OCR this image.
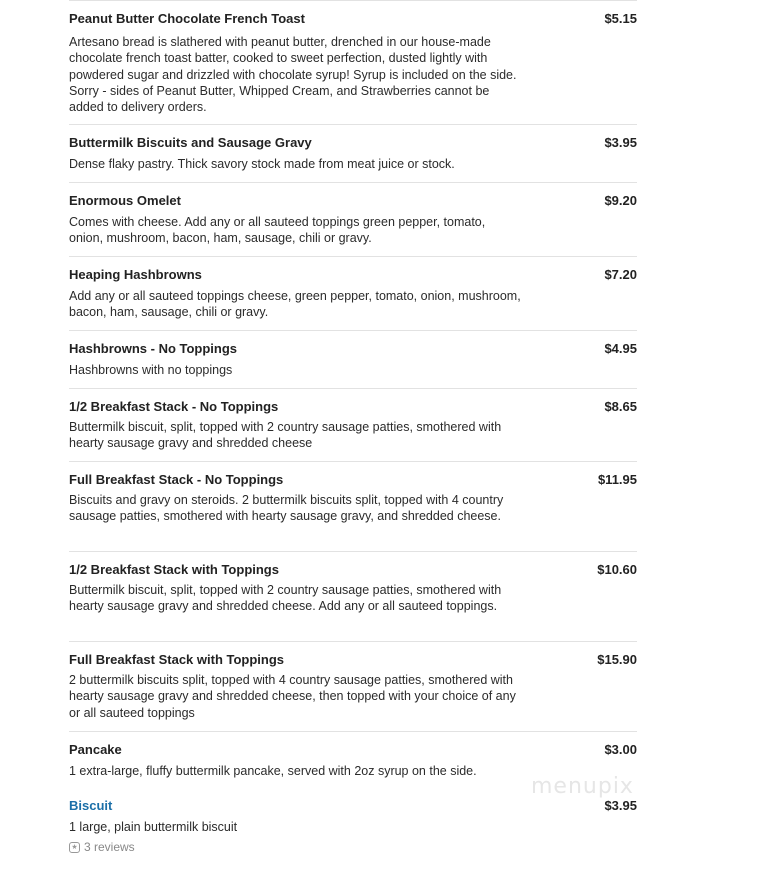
Peanut Butter Chocolate French Toast	$5.15
Artesano bread is slathered with peanut butter, drenched in our house-made chocolate french toast batter, cooked to sweet perfection, dusted lightly with powdered sugar and drizzled with chocolate syrup! Syrup is included on the side. Sorry - sides of Peanut Butter, Whipped Cream, and Strawberries cannot be added to delivery orders.
Buttermilk Biscuits and Sausage Gravy	$3.95
Dense flaky pastry. Thick savory stock made from meat juice or stock.
Enormous Omelet	$9.20
Comes with cheese. Add any or all sauteed toppings green pepper, tomato, onion, mushroom, bacon, ham, sausage, chili or gravy.
Heaping Hashbrowns	$7.20
Add any or all sauteed toppings cheese, green pepper, tomato, onion, mushroom, bacon, ham, sausage, chili or gravy.
Hashbrowns - No Toppings	$4.95
Hashbrowns with no toppings
1/2 Breakfast Stack - No Toppings	$8.65
Buttermilk biscuit, split, topped with 2 country sausage patties, smothered with hearty sausage gravy and shredded cheese
Full Breakfast Stack - No Toppings	$11.95
Biscuits and gravy on steroids. 2 buttermilk biscuits split, topped with 4 country sausage patties, smothered with hearty sausage gravy, and shredded cheese.
1/2 Breakfast Stack with Toppings	$10.60
Buttermilk biscuit, split, topped with 2 country sausage patties, smothered with hearty sausage gravy and shredded cheese. Add any or all sauteed toppings.
Full Breakfast Stack with Toppings	$15.90
2 buttermilk biscuits split, topped with 4 country sausage patties, smothered with hearty sausage gravy and shredded cheese, then topped with your choice of any or all sauteed toppings
Pancake	$3.00
1 extra-large, fluffy buttermilk pancake, served with 2oz syrup on the side.
Biscuit	$3.95
1 large, plain buttermilk biscuit
★ 3 reviews
menupix
